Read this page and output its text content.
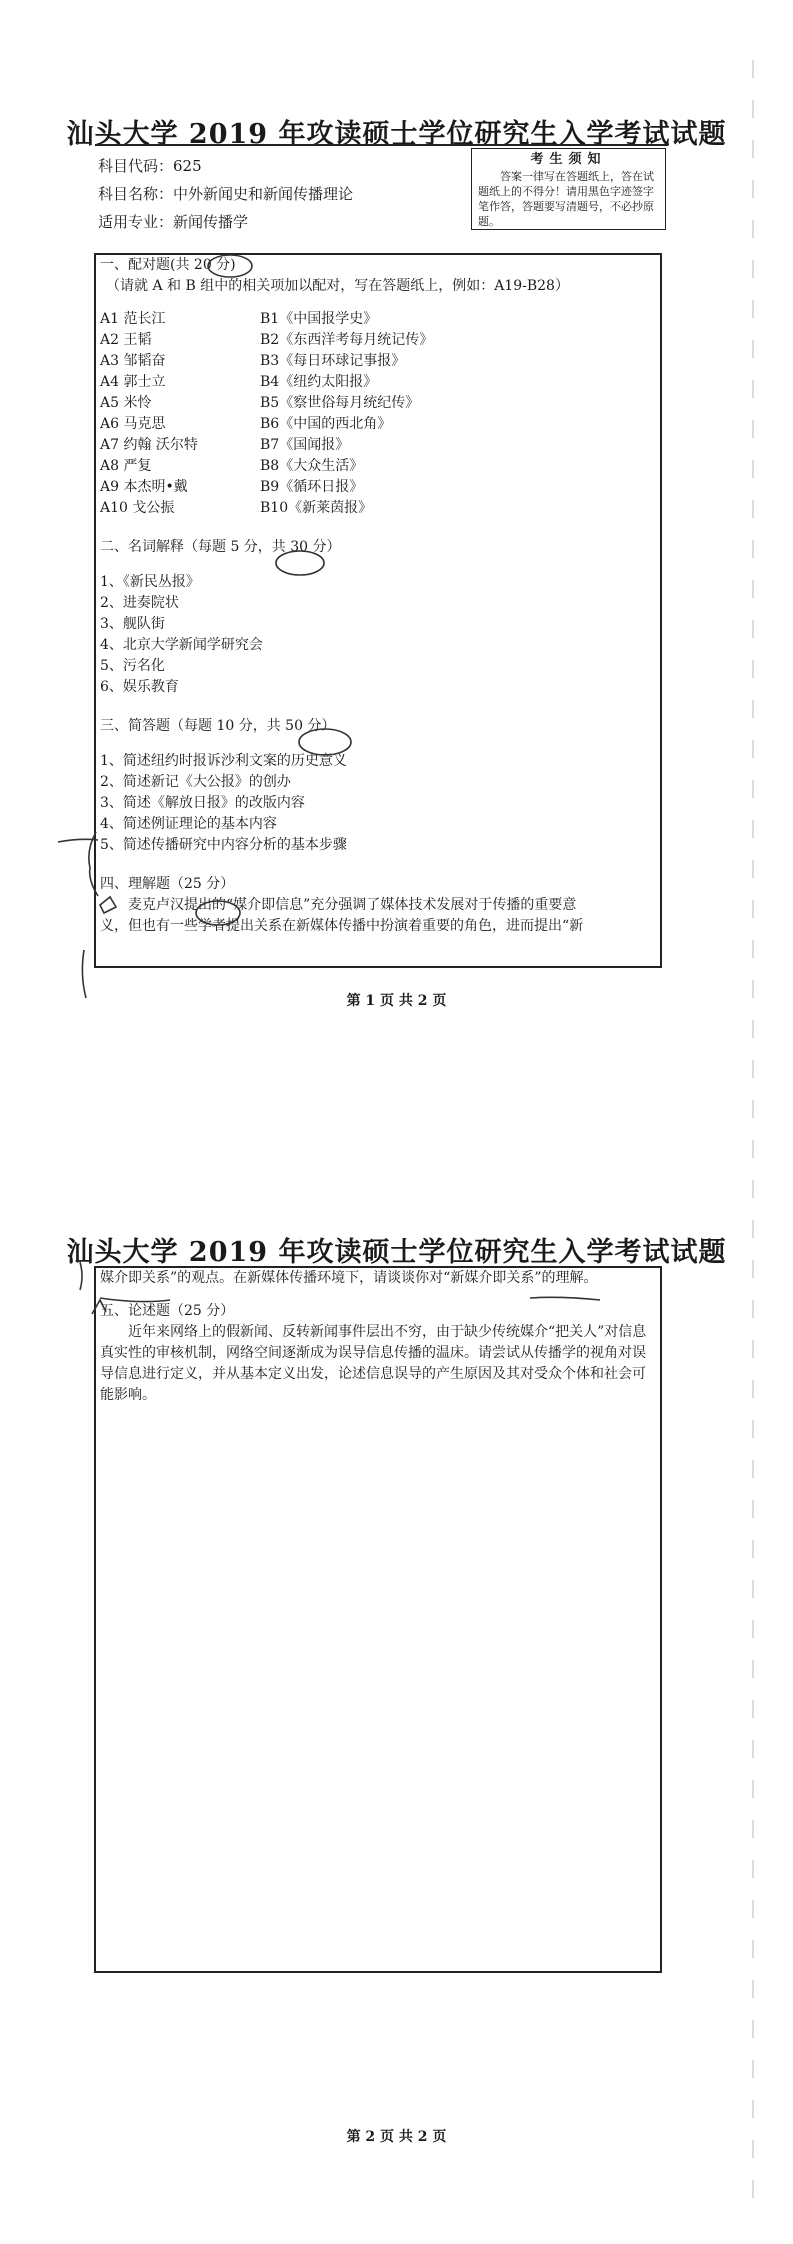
汕头大学 2019 年攻读硕士学位研究生入学考试试题
科目代码：625
科目名称：中外新闻史和新闻传播理论
适用专业：新闻传播学
考生须知
答案一律写在答题纸上，答在试题纸上的不得分！请用黑色字迹签字笔作答，答题要写清题号，不必抄原题。
一、配对题(共 20 分)
（请就 A 和 B 组中的相关项加以配对，写在答题纸上，例如：A19-B28）
A1 范长江
A2 王韬
A3 邹韬奋
A4 郭士立
A5 米怜
A6 马克思
A7 约翰 沃尔特
A8 严复
A9 本杰明•戴
A10 戈公振
B1《中国报学史》
B2《东西洋考每月统记传》
B3《每日环球记事报》
B4《纽约太阳报》
B5《察世俗每月统纪传》
B6《中国的西北角》
B7《国闻报》
B8《大众生活》
B9《循环日报》
B10《新莱茵报》
二、名词解释（每题 5 分，共 30 分）
1、《新民丛报》
2、进奏院状
3、舰队街
4、北京大学新闻学研究会
5、污名化
6、娱乐教育
三、简答题（每题 10 分，共 50 分）
1、简述纽约时报诉沙利文案的历史意义
2、简述新记《大公报》的创办
3、简述《解放日报》的改版内容
4、简述例证理论的基本内容
5、简述传播研究中内容分析的基本步骤
四、理解题（25 分）
麦克卢汉提出的“媒介即信息”充分强调了媒体技术发展对于传播的重要意
义，但也有一些学者提出关系在新媒体传播中扮演着重要的角色，进而提出“新
第 1 页 共 2 页
汕头大学 2019 年攻读硕士学位研究生入学考试试题
媒介即关系”的观点。在新媒体传播环境下，请谈谈你对“新媒介即关系”的理解。
五、论述题（25 分）
近年来网络上的假新闻、反转新闻事件层出不穷，由于缺少传统媒介“把关人”对信息真实性的审核机制，网络空间逐渐成为误导信息传播的温床。请尝试从传播学的视角对误导信息进行定义，并从基本定义出发，论述信息误导的产生原因及其对受众个体和社会可能影响。
第 2 页 共 2 页
